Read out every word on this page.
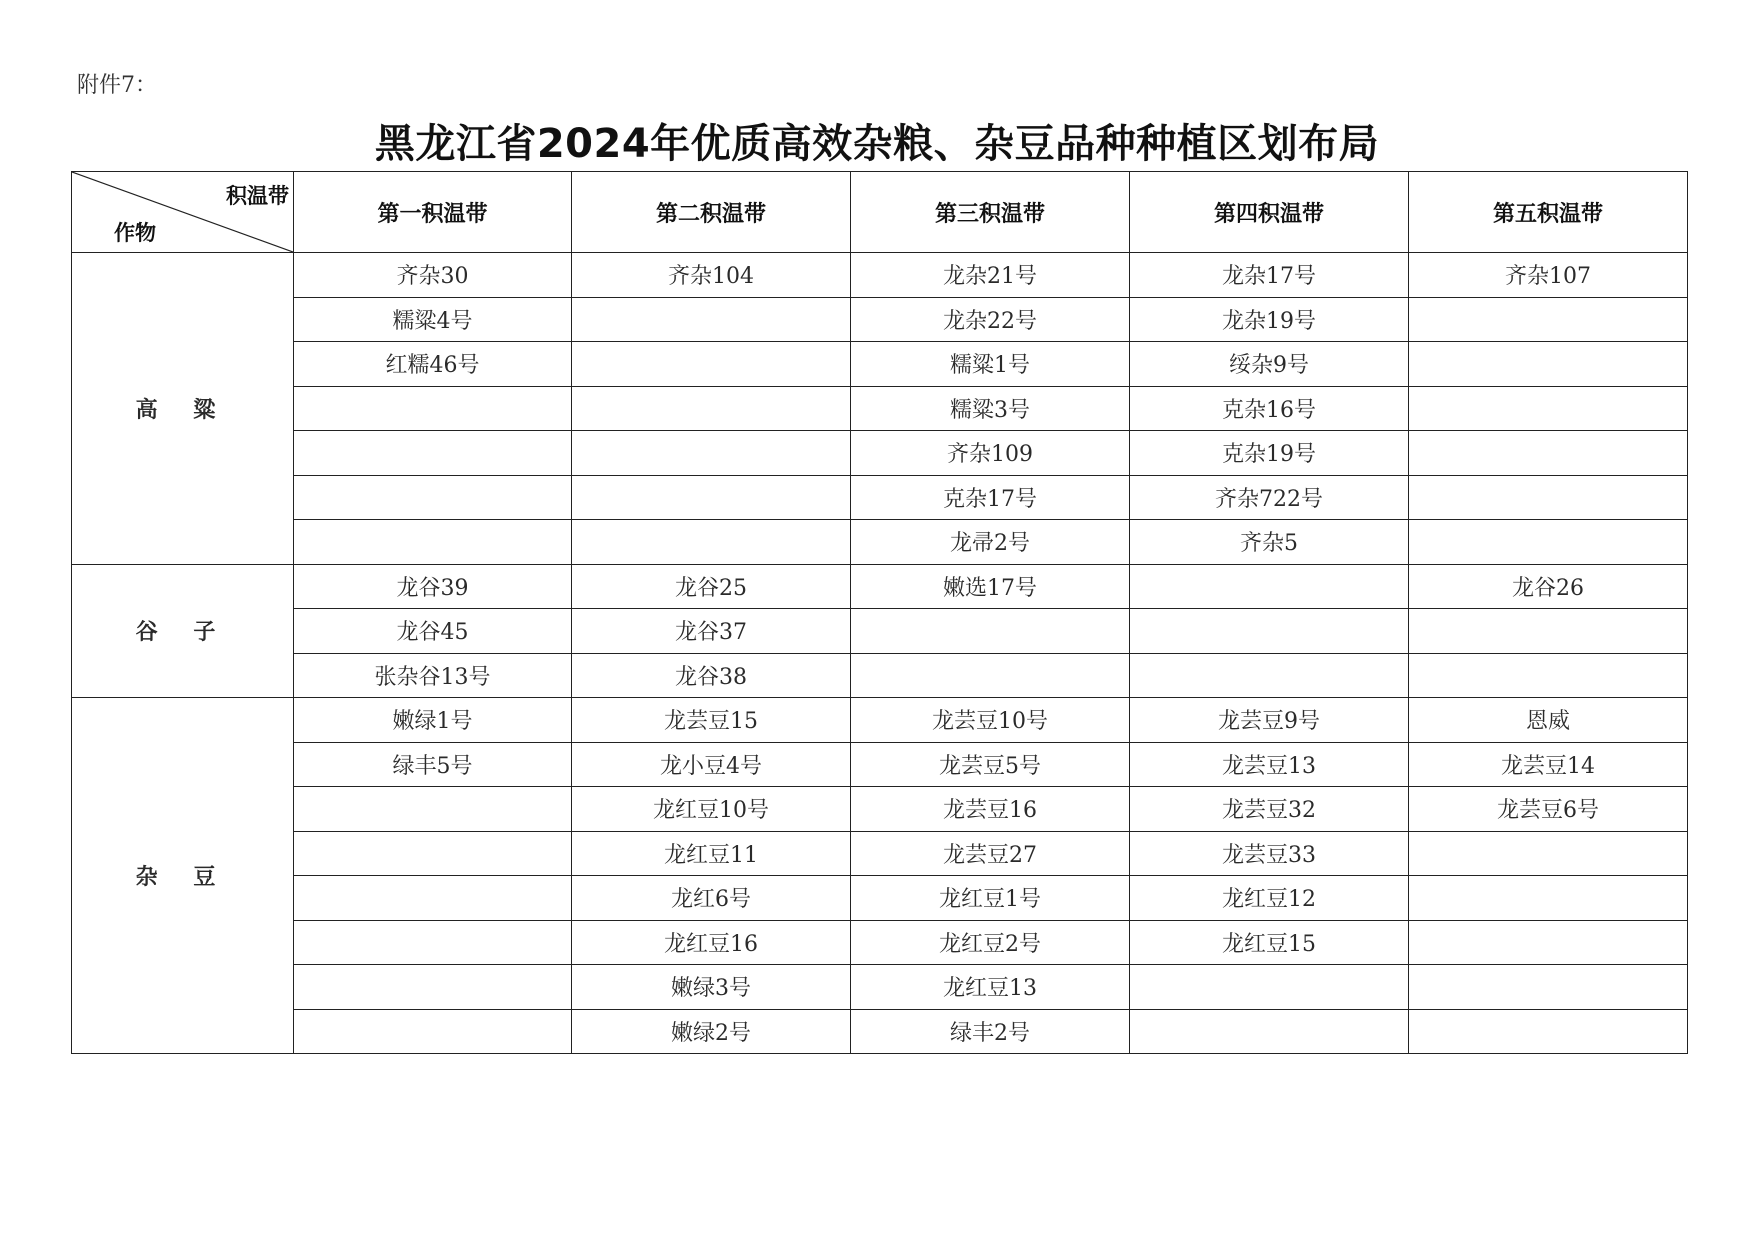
附件7：
黑龙江省2024年优质高效杂粮、杂豆品种种植区划布局
积温带
作物	第一积温带	第二积温带	第三积温带	第四积温带	第五积温带
高 粱	齐杂30	齐杂104	龙杂21号	龙杂17号	齐杂107
	糯粱4号		龙杂22号	龙杂19号	
	红糯46号		糯粱1号	绥杂9号	
			糯粱3号	克杂16号	
			齐杂109	克杂19号	
			克杂17号	齐杂722号	
			龙帚2号	齐杂5	
谷 子	龙谷39	龙谷25	嫩选17号		龙谷26
	龙谷45	龙谷37			
	张杂谷13号	龙谷38			
杂 豆	嫩绿1号	龙芸豆15	龙芸豆10号	龙芸豆9号	恩威
	绿丰5号	龙小豆4号	龙芸豆5号	龙芸豆13	龙芸豆14
		龙红豆10号	龙芸豆16	龙芸豆32	龙芸豆6号
		龙红豆11	龙芸豆27	龙芸豆33	
		龙红6号	龙红豆1号	龙红豆12	
		龙红豆16	龙红豆2号	龙红豆15	
		嫩绿3号	龙红豆13		
		嫩绿2号	绿丰2号		
